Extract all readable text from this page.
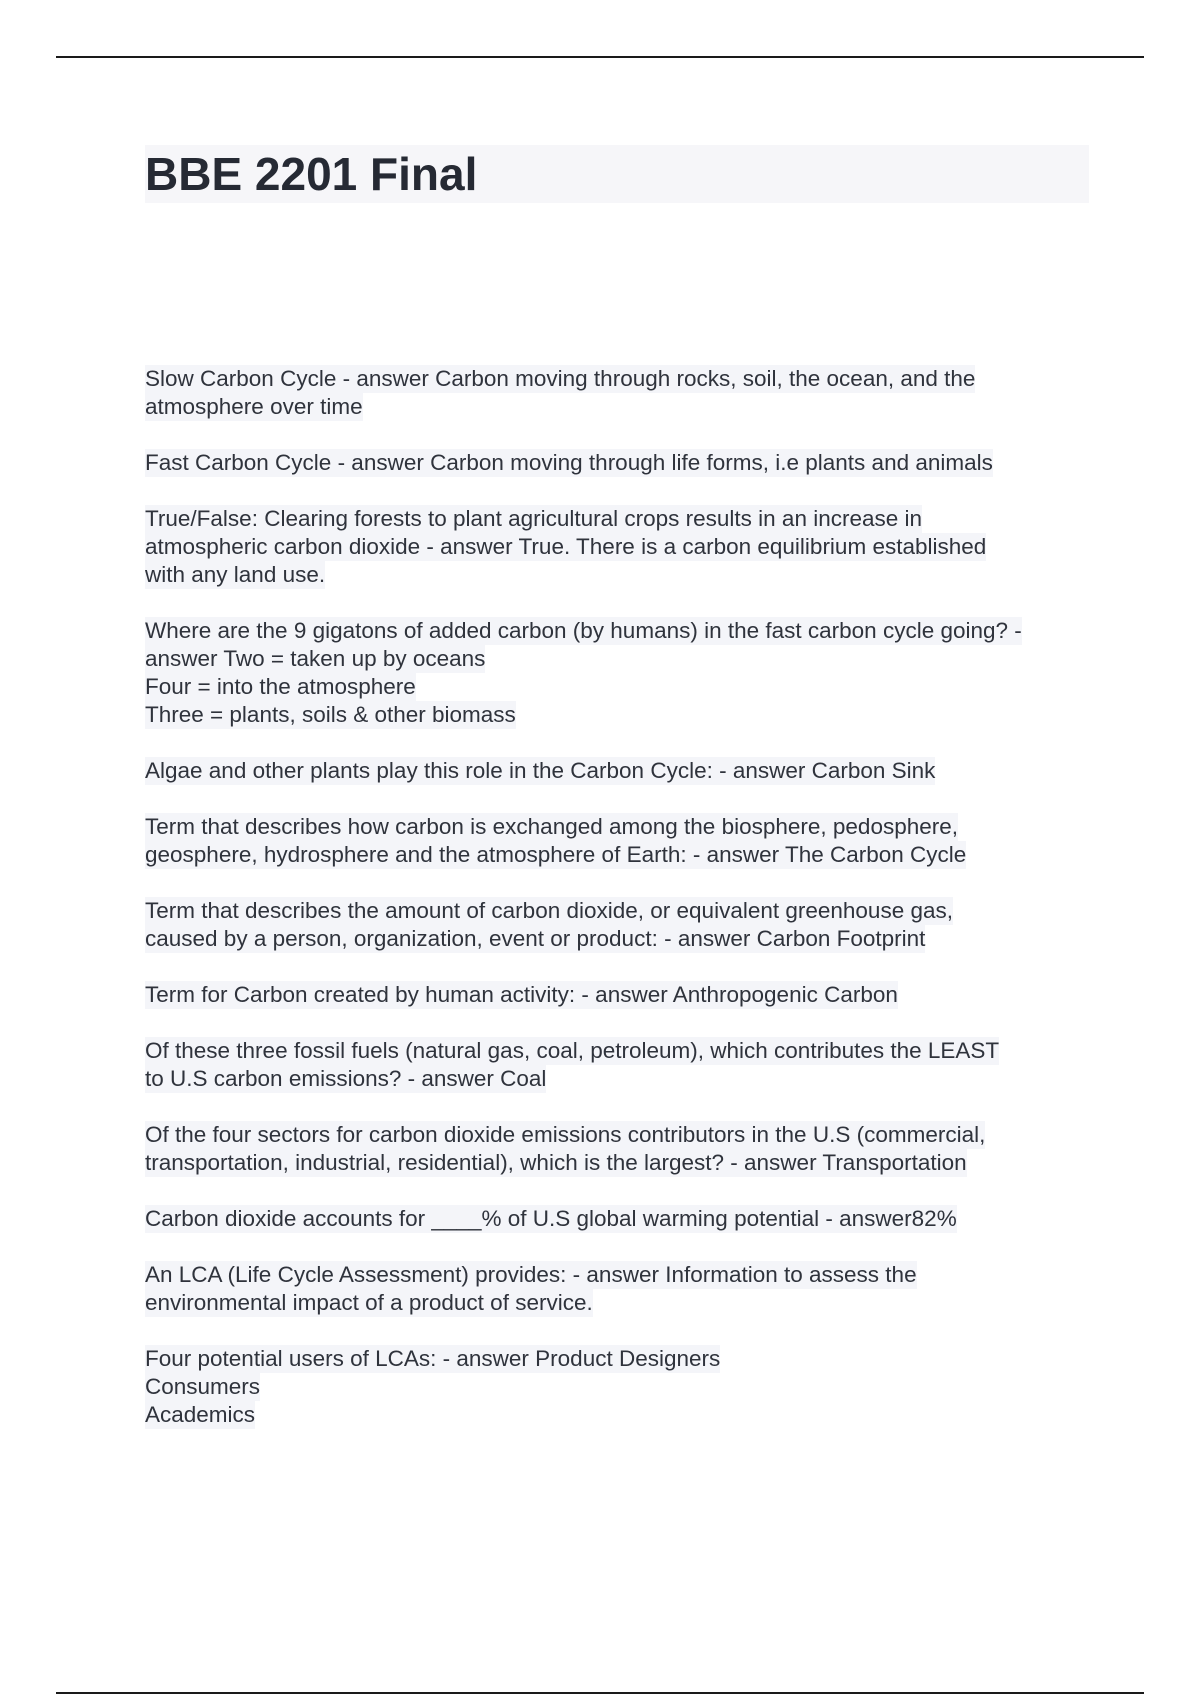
BBE 2201 Final
Slow Carbon Cycle - answer Carbon moving through rocks, soil, the ocean, and the
atmosphere over time
Fast Carbon Cycle - answer Carbon moving through life forms, i.e plants and animals
True/False: Clearing forests to plant agricultural crops results in an increase in
atmospheric carbon dioxide - answer True. There is a carbon equilibrium established
with any land use.
Where are the 9 gigatons of added carbon (by humans) in the fast carbon cycle going? -
answer Two = taken up by oceans
Four = into the atmosphere
Three = plants, soils & other biomass
Algae and other plants play this role in the Carbon Cycle: - answer Carbon Sink
Term that describes how carbon is exchanged among the biosphere, pedosphere,
geosphere, hydrosphere and the atmosphere of Earth: - answer The Carbon Cycle
Term that describes the amount of carbon dioxide, or equivalent greenhouse gas,
caused by a person, organization, event or product: - answer Carbon Footprint
Term for Carbon created by human activity: - answer Anthropogenic Carbon
Of these three fossil fuels (natural gas, coal, petroleum), which contributes the LEAST
to U.S carbon emissions? - answer Coal
Of the four sectors for carbon dioxide emissions contributors in the U.S (commercial,
transportation, industrial, residential), which is the largest? - answer Transportation
Carbon dioxide accounts for ____% of U.S global warming potential - answer82%
An LCA (Life Cycle Assessment) provides: - answer Information to assess the
environmental impact of a product of service.
Four potential users of LCAs: - answer Product Designers
Consumers
Academics
